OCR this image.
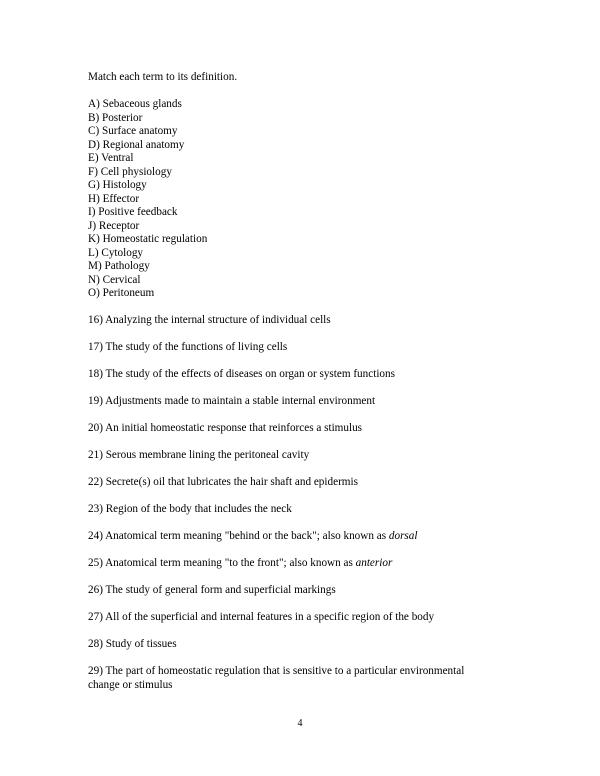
Match each term to its definition.
A) Sebaceous glands
B) Posterior
C) Surface anatomy
D) Regional anatomy
E) Ventral
F) Cell physiology
G) Histology
H) Effector
I) Positive feedback
J) Receptor
K) Homeostatic regulation
L) Cytology
M) Pathology
N) Cervical
O) Peritoneum
16) Analyzing the internal structure of individual cells
17) The study of the functions of living cells
18) The study of the effects of diseases on organ or system functions
19) Adjustments made to maintain a stable internal environment
20) An initial homeostatic response that reinforces a stimulus
21) Serous membrane lining the peritoneal cavity
22) Secrete(s) oil that lubricates the hair shaft and epidermis
23) Region of the body that includes the neck
24) Anatomical term meaning "behind or the back"; also known as dorsal
25) Anatomical term meaning "to the front"; also known as anterior
26) The study of general form and superficial markings
27) All of the superficial and internal features in a specific region of the body
28) Study of tissues
29) The part of homeostatic regulation that is sensitive to a particular environmental
change or stimulus
4
